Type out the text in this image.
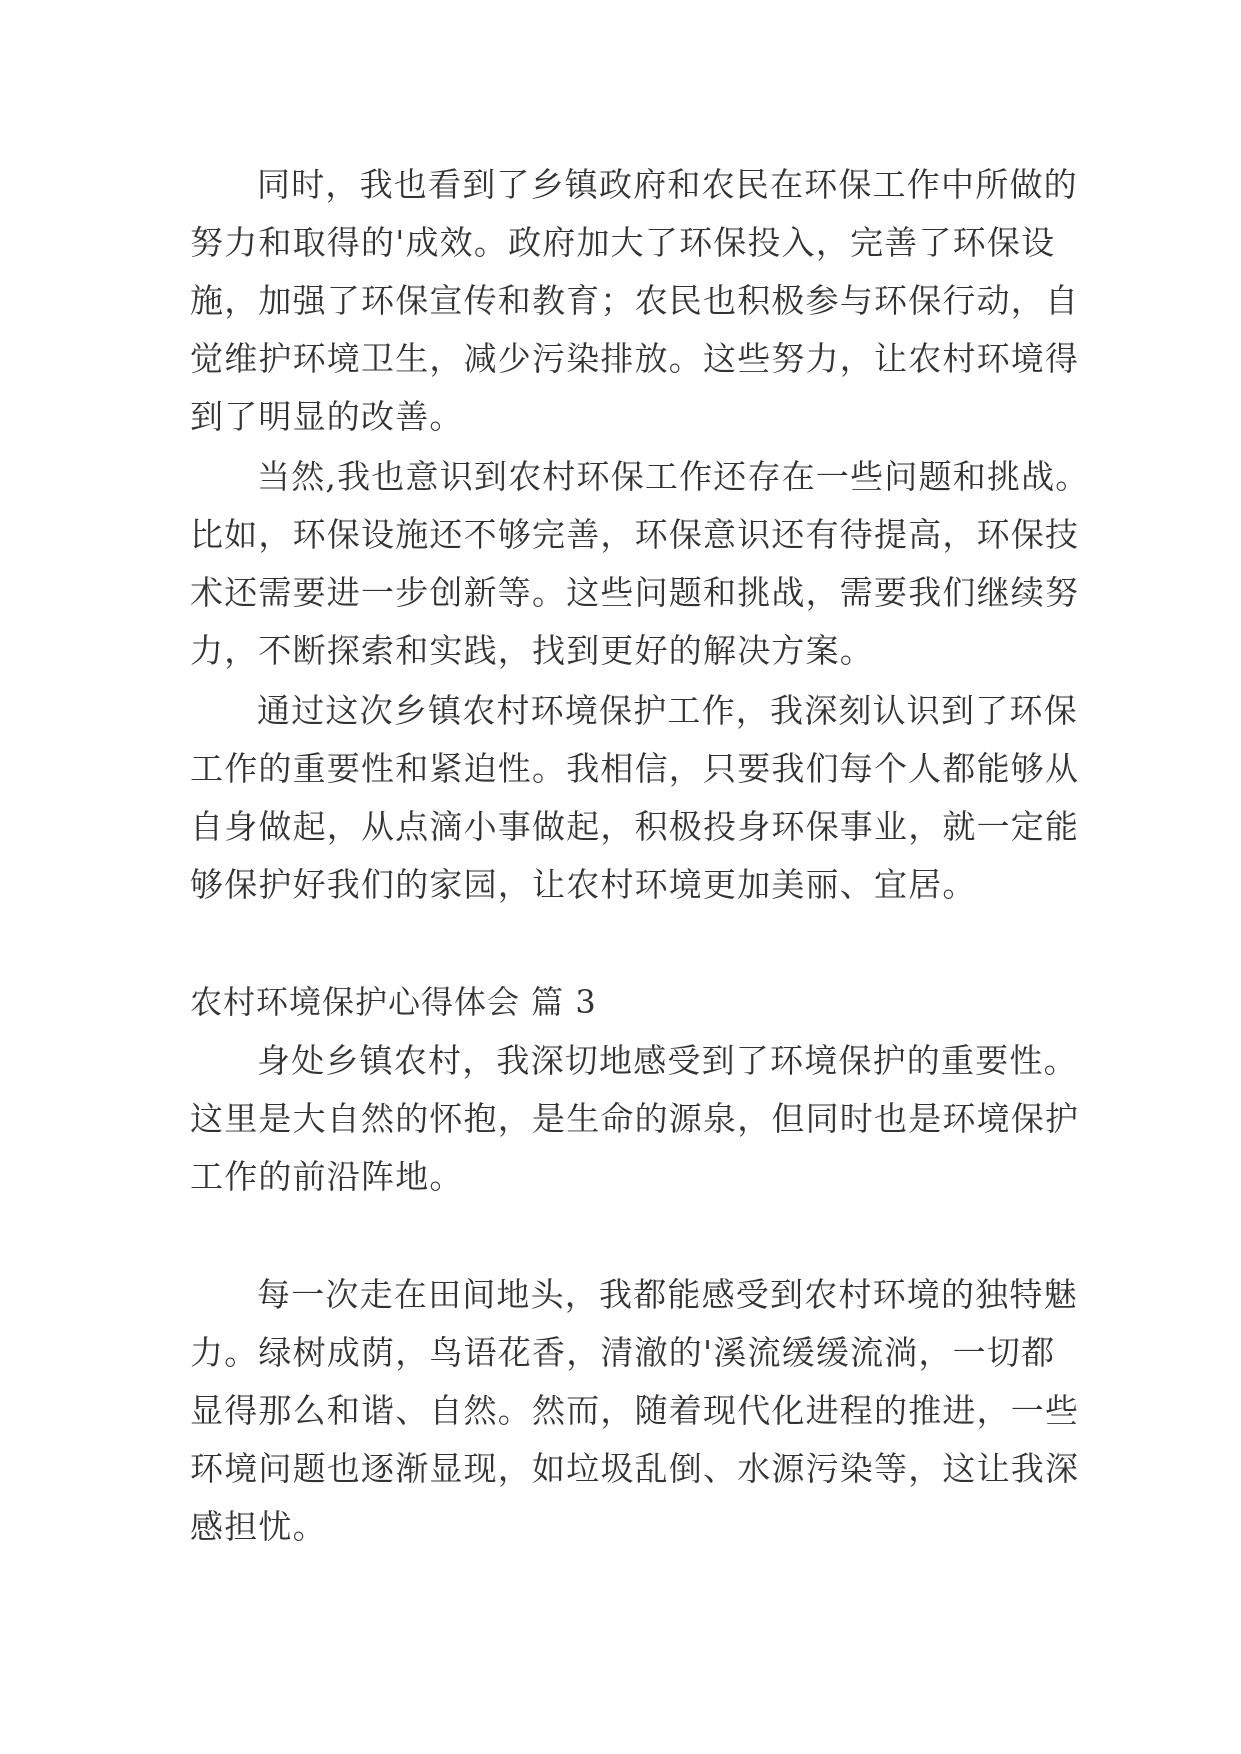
同时，我也看到了乡镇政府和农民在环保工作中所做的
努力和取得的'成效。政府加大了环保投入，完善了环保设
施，加强了环保宣传和教育；农民也积极参与环保行动，自
觉维护环境卫生，减少污染排放。这些努力，让农村环境得
到了明显的改善。
当然,我也意识到农村环保工作还存在一些问题和挑战。
比如，环保设施还不够完善，环保意识还有待提高，环保技
术还需要进一步创新等。这些问题和挑战，需要我们继续努
力，不断探索和实践，找到更好的解决方案。
通过这次乡镇农村环境保护工作，我深刻认识到了环保
工作的重要性和紧迫性。我相信，只要我们每个人都能够从
自身做起，从点滴小事做起，积极投身环保事业，就一定能
够保护好我们的家园，让农村环境更加美丽、宜居。
农村环境保护心得体会 篇 3
身处乡镇农村，我深切地感受到了环境保护的重要性。
这里是大自然的怀抱，是生命的源泉，但同时也是环境保护
工作的前沿阵地。
每一次走在田间地头，我都能感受到农村环境的独特魅
力。绿树成荫，鸟语花香，清澈的'溪流缓缓流淌，一切都
显得那么和谐、自然。然而，随着现代化进程的推进，一些
环境问题也逐渐显现，如垃圾乱倒、水源污染等，这让我深
感担忧。
